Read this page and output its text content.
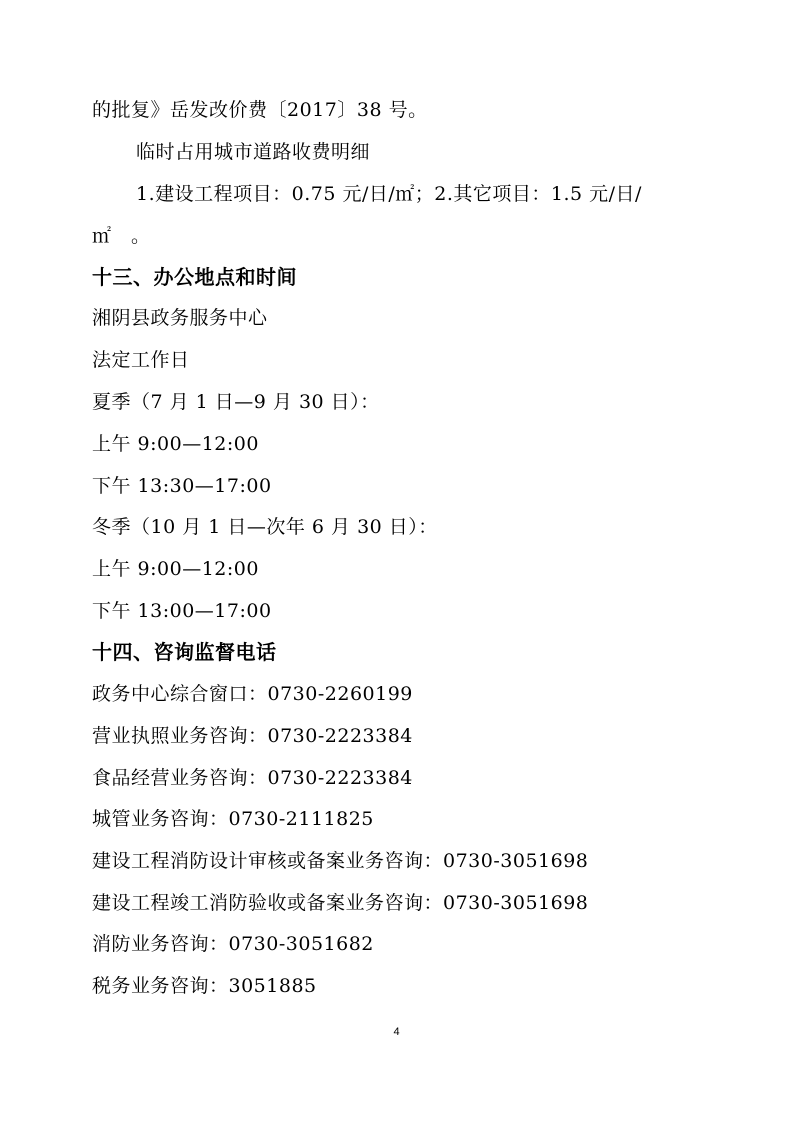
的批复》岳发改价费〔2017〕38 号。
临时占用城市道路收费明细
1.建设工程项目：0.75 元/日/㎡；2.其它项目：1.5 元/日/
㎡　。
十三、办公地点和时间
湘阴县政务服务中心
法定工作日
夏季（7 月 1 日—9 月 30 日）：
上午 9:00—12:00
下午 13:30—17:00
冬季（10 月 1 日—次年 6 月 30 日）：
上午 9:00—12:00
下午 13:00—17:00
十四、咨询监督电话
政务中心综合窗口：0730-2260199
营业执照业务咨询：0730-2223384
食品经营业务咨询：0730-2223384
城管业务咨询：0730-2111825
建设工程消防设计审核或备案业务咨询：0730-3051698
建设工程竣工消防验收或备案业务咨询：0730-3051698
消防业务咨询：0730-3051682
税务业务咨询：3051885
4
